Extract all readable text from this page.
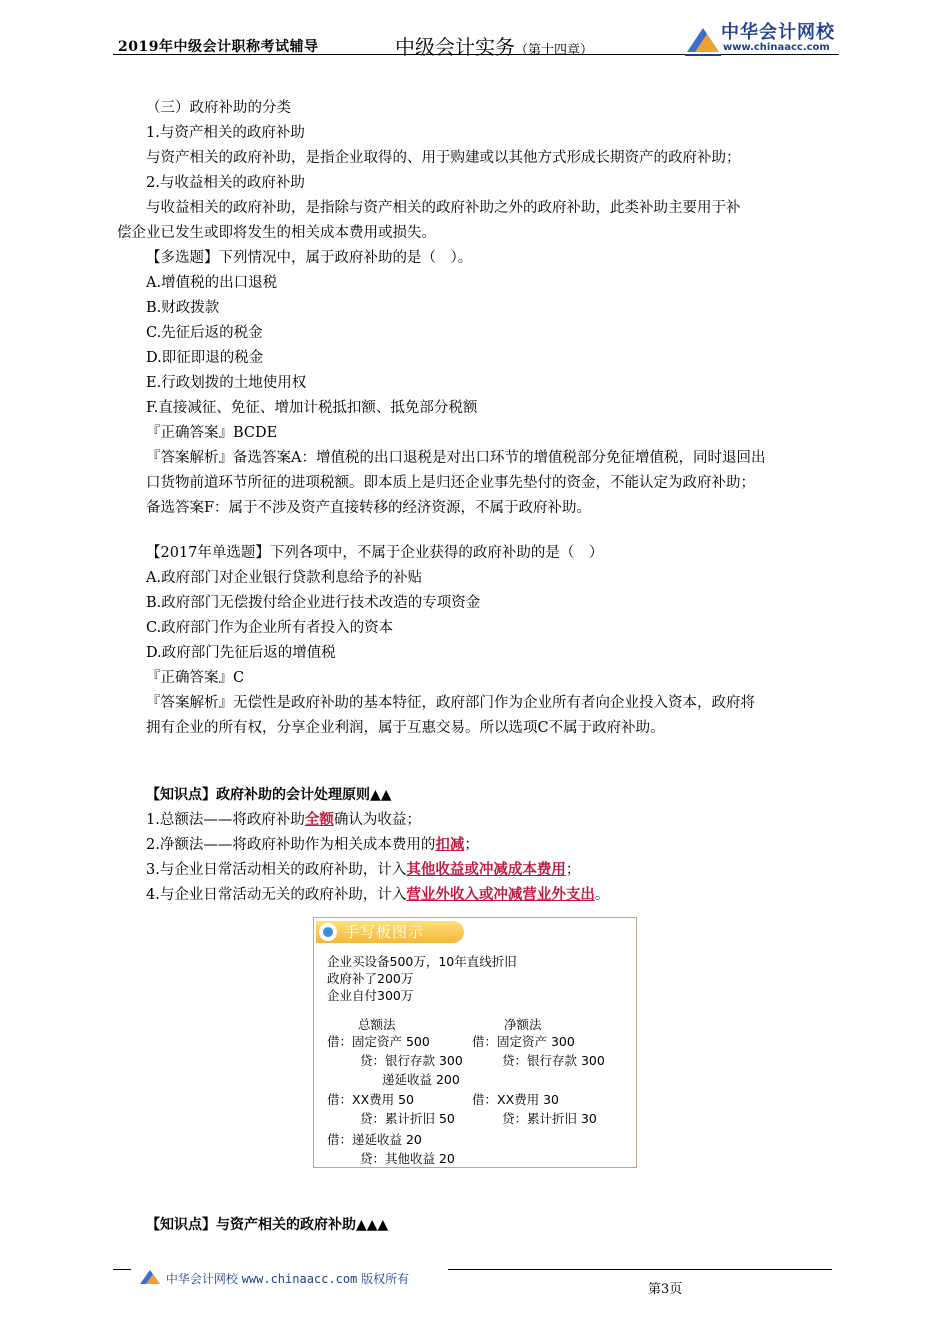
2019年中级会计职称考试辅导	中级会计实务（第十四章）
中华会计网校
www.chinaacc.com
（三）政府补助的分类
1.与资产相关的政府补助
与资产相关的政府补助，是指企业取得的、用于购建或以其他方式形成长期资产的政府补助；
2.与收益相关的政府补助
与收益相关的政府补助，是指除与资产相关的政府补助之外的政府补助，此类补助主要用于补
偿企业已发生或即将发生的相关成本费用或损失。
【多选题】下列情况中，属于政府补助的是（　）。
A.增值税的出口退税
B.财政拨款
C.先征后返的税金
D.即征即退的税金
E.行政划拨的土地使用权
F.直接减征、免征、增加计税抵扣额、抵免部分税额
『正确答案』BCDE
『答案解析』备选答案A：增值税的出口退税是对出口环节的增值税部分免征增值税，同时退回出
口货物前道环节所征的进项税额。即本质上是归还企业事先垫付的资金，不能认定为政府补助；
备选答案F：属于不涉及资产直接转移的经济资源，不属于政府补助。
【2017年单选题】下列各项中，不属于企业获得的政府补助的是（　）
A.政府部门对企业银行贷款利息给予的补贴
B.政府部门无偿拨付给企业进行技术改造的专项资金
C.政府部门作为企业所有者投入的资本
D.政府部门先征后返的增值税
『正确答案』C
『答案解析』无偿性是政府补助的基本特征，政府部门作为企业所有者向企业投入资本，政府将
拥有企业的所有权，分享企业利润，属于互惠交易。所以选项C不属于政府补助。
【知识点】政府补助的会计处理原则▲▲
1.总额法——将政府补助全额确认为收益；
2.净额法——将政府补助作为相关成本费用的扣减；
3.与企业日常活动相关的政府补助，计入其他收益或冲减成本费用；
4.与企业日常活动无关的政府补助，计入营业外收入或冲减营业外支出。
手写板图示
企业买设备500万，10年直线折旧
政府补了200万
企业自付300万
总额法	净额法
借：固定资产 500
贷：银行存款 300
递延收益 200
借：XX费用 50
贷：累计折旧 50
借：递延收益 20
贷：其他收益 20
借：固定资产 300
贷：银行存款 300
借：XX费用 30
贷：累计折旧 30
【知识点】与资产相关的政府补助▲▲▲
中华会计网校 www.chinaacc.com 版权所有
第3页
